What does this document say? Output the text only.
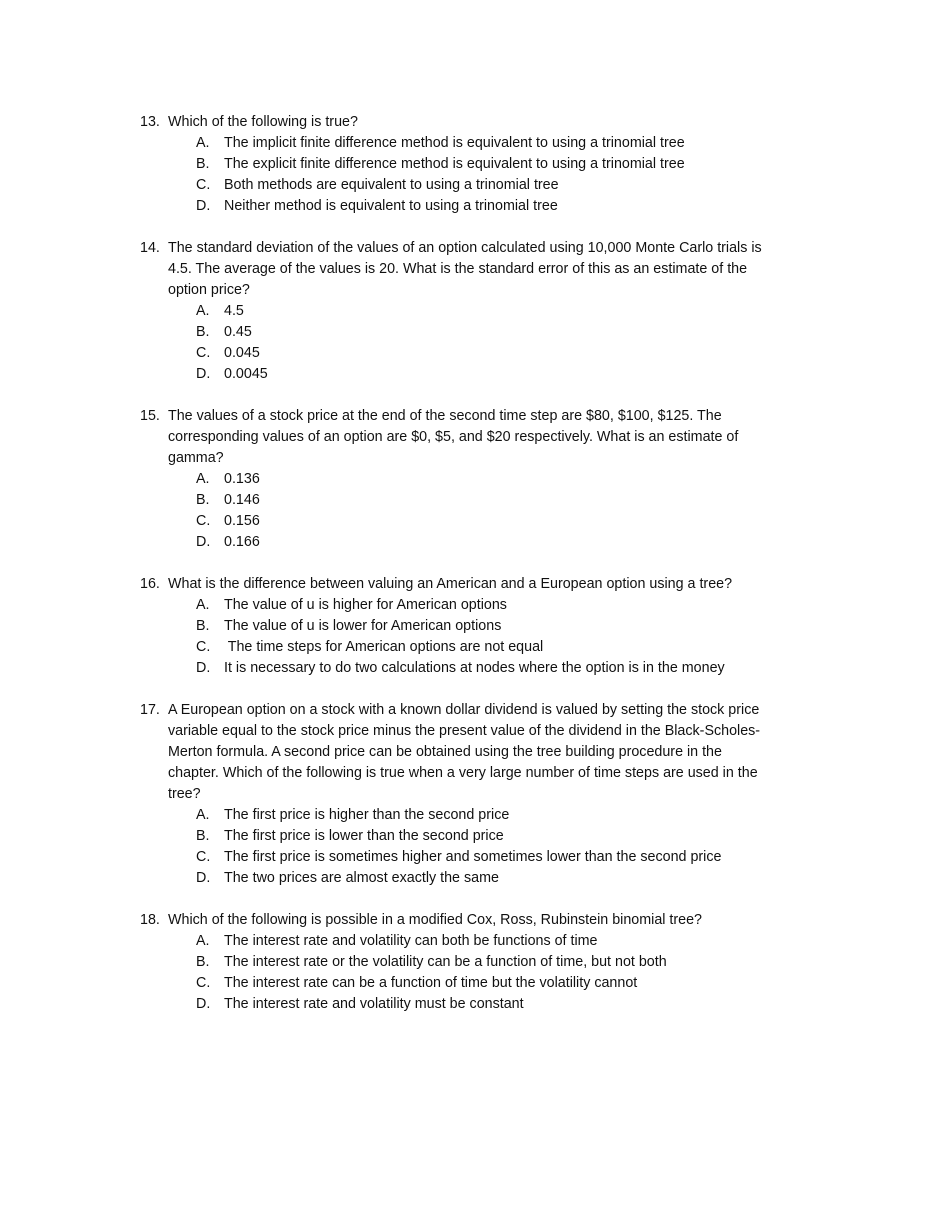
13. Which of the following is true?
A. The implicit finite difference method is equivalent to using a trinomial tree
B. The explicit finite difference method is equivalent to using a trinomial tree
C. Both methods are equivalent to using a trinomial tree
D. Neither method is equivalent to using a trinomial tree
14. The standard deviation of the values of an option calculated using 10,000 Monte Carlo trials is
4.5. The average of the values is 20. What is the standard error of this as an estimate of the
option price?
A. 4.5
B. 0.45
C. 0.045
D. 0.0045
15. The values of a stock price at the end of the second time step are $80, $100, $125. The
corresponding values of an option are $0, $5, and $20 respectively. What is an estimate of
gamma?
A. 0.136
B. 0.146
C. 0.156
D. 0.166
16. What is the difference between valuing an American and a European option using a tree?
A. The value of u is higher for American options
B. The value of u is lower for American options
C. The time steps for American options are not equal
D. It is necessary to do two calculations at nodes where the option is in the money
17. A European option on a stock with a known dollar dividend is valued by setting the stock price
variable equal to the stock price minus the present value of the dividend in the Black-Scholes-
Merton formula. A second price can be obtained using the tree building procedure in the
chapter. Which of the following is true when a very large number of time steps are used in the
tree?
A. The first price is higher than the second price
B. The first price is lower than the second price
C. The first price is sometimes higher and sometimes lower than the second price
D. The two prices are almost exactly the same
18. Which of the following is possible in a modified Cox, Ross, Rubinstein binomial tree?
A. The interest rate and volatility can both be functions of time
B. The interest rate or the volatility can be a function of time, but not both
C. The interest rate can be a function of time but the volatility cannot
D. The interest rate and volatility must be constant
